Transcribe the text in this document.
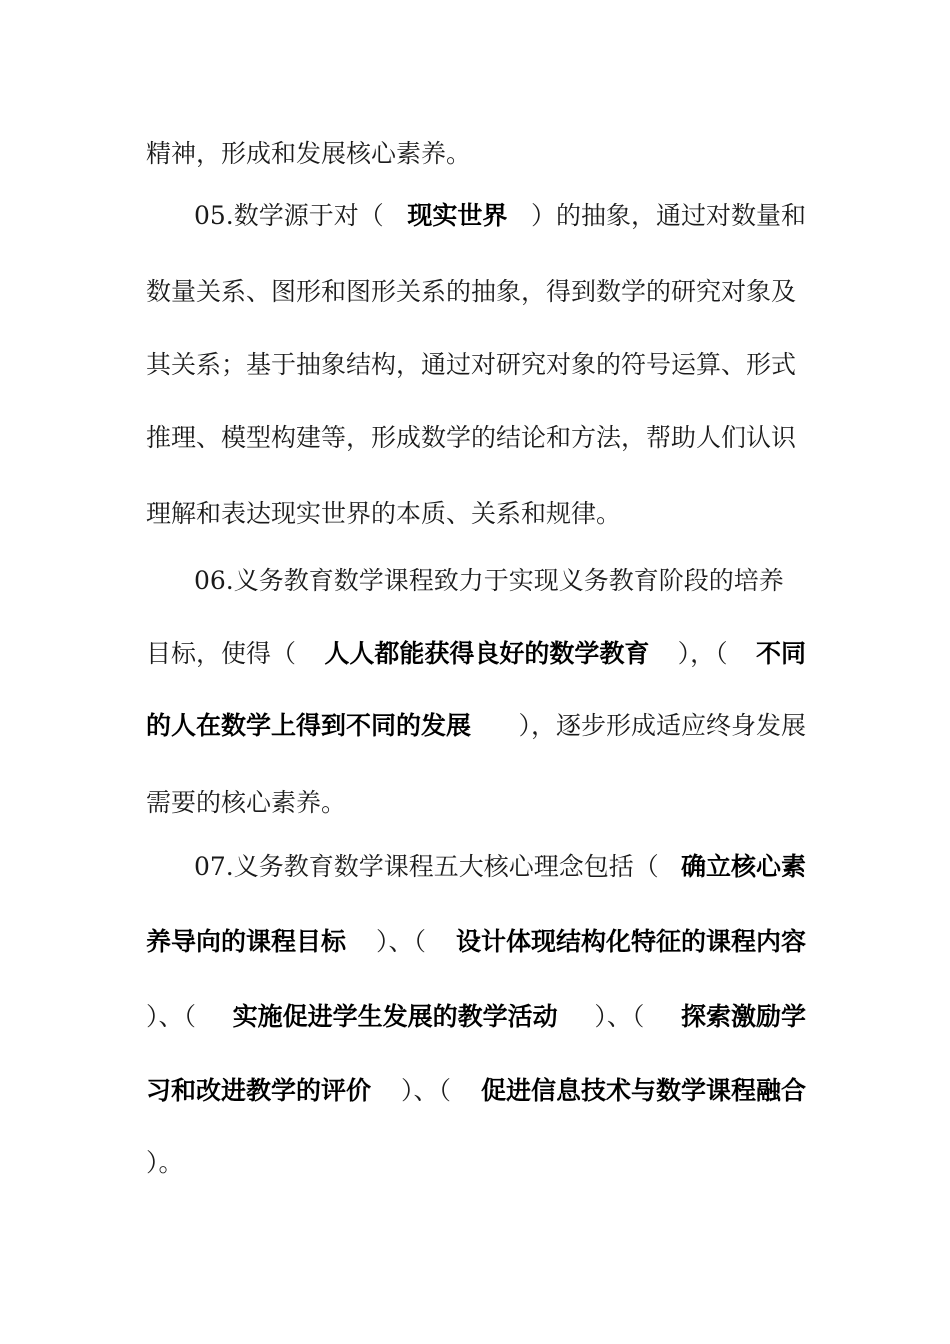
精神，形成和发展核心素养。
05.数学源于对（ 现实世界 ）的抽象，通过对数量和
数量关系、图形和图形关系的抽象，得到数学的研究对象及
其关系；基于抽象结构，通过对研究对象的符号运算、形式
推理、模型构建等，形成数学的结论和方法，帮助人们认识
理解和表达现实世界的本质、关系和规律。
06.义务教育数学课程致力于实现义务教育阶段的培养
目标，使得（ 人人都能获得良好的数学教育 ），（ 不同
的人在数学上得到不同的发展 ），逐步形成适应终身发展
需要的核心素养。
07.义务教育数学课程五大核心理念包括（ 确立核心素
养导向的课程目标 ）、（ 设计体现结构化特征的课程内容
）、（ 实施促进学生发展的教学活动 ）、（ 探索激励学
习和改进教学的评价 ）、（ 促进信息技术与数学课程融合
）。
